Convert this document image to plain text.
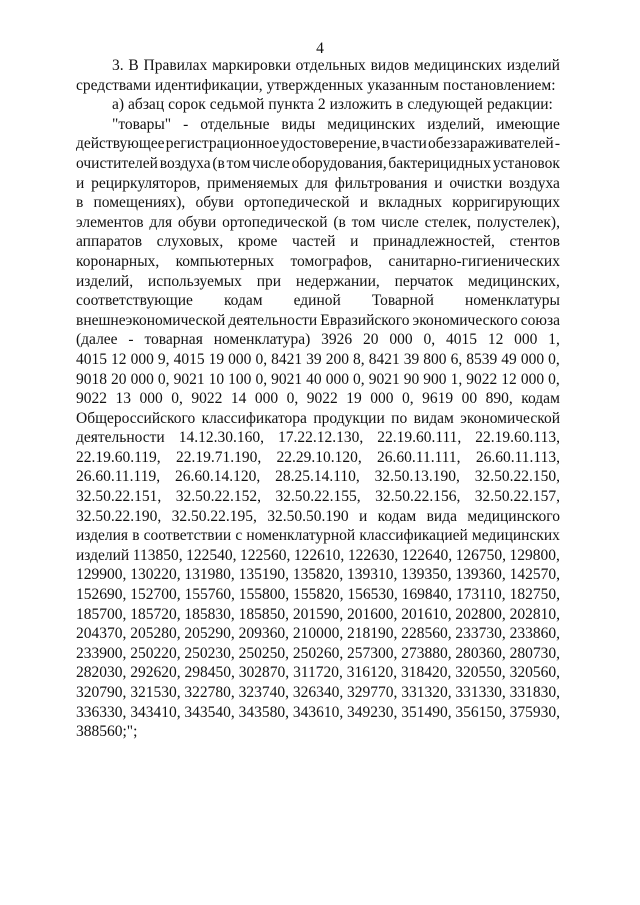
4
3. В Правилах маркировки отдельных видов медицинских изделий
средствами идентификации, утвержденных указанным постановлением:
а) абзац сорок седьмой пункта 2 изложить в следующей редакции:
"товары" - отдельные виды медицинских изделий, имеющие
действующее регистрационное удостоверение, в части обеззараживателей -
очистителей воздуха (в том числе оборудования, бактерицидных установок
и рециркуляторов, применяемых для фильтрования и очистки воздуха
в помещениях), обуви ортопедической и вкладных корригирующих
элементов для обуви ортопедической (в том числе стелек, полустелек),
аппаратов слуховых, кроме частей и принадлежностей, стентов
коронарных, компьютерных томографов, санитарно-гигиенических
изделий, используемых при недержании, перчаток медицинских,
соответствующие кодам единой Товарной номенклатуры
внешнеэкономической деятельности Евразийского экономического союза
(далее - товарная номенклатура) 3926 20 000 0, 4015 12 000 1,
4015 12 000 9, 4015 19 000 0, 8421 39 200 8, 8421 39 800 6, 8539 49 000 0,
9018 20 000 0, 9021 10 100 0, 9021 40 000 0, 9021 90 900 1, 9022 12 000 0,
9022 13 000 0, 9022 14 000 0, 9022 19 000 0, 9619 00 890, кодам
Общероссийского классификатора продукции по видам экономической
деятельности 14.12.30.160, 17.22.12.130, 22.19.60.111, 22.19.60.113,
22.19.60.119, 22.19.71.190, 22.29.10.120, 26.60.11.111, 26.60.11.113,
26.60.11.119, 26.60.14.120, 28.25.14.110, 32.50.13.190, 32.50.22.150,
32.50.22.151, 32.50.22.152, 32.50.22.155, 32.50.22.156, 32.50.22.157,
32.50.22.190, 32.50.22.195, 32.50.50.190 и кодам вида медицинского
изделия в соответствии с номенклатурной классификацией медицинских
изделий 113850, 122540, 122560, 122610, 122630, 122640, 126750, 129800,
129900, 130220, 131980, 135190, 135820, 139310, 139350, 139360, 142570,
152690, 152700, 155760, 155800, 155820, 156530, 169840, 173110, 182750,
185700, 185720, 185830, 185850, 201590, 201600, 201610, 202800, 202810,
204370, 205280, 205290, 209360, 210000, 218190, 228560, 233730, 233860,
233900, 250220, 250230, 250250, 250260, 257300, 273880, 280360, 280730,
282030, 292620, 298450, 302870, 311720, 316120, 318420, 320550, 320560,
320790, 321530, 322780, 323740, 326340, 329770, 331320, 331330, 331830,
336330, 343410, 343540, 343580, 343610, 349230, 351490, 356150, 375930,
388560;";
